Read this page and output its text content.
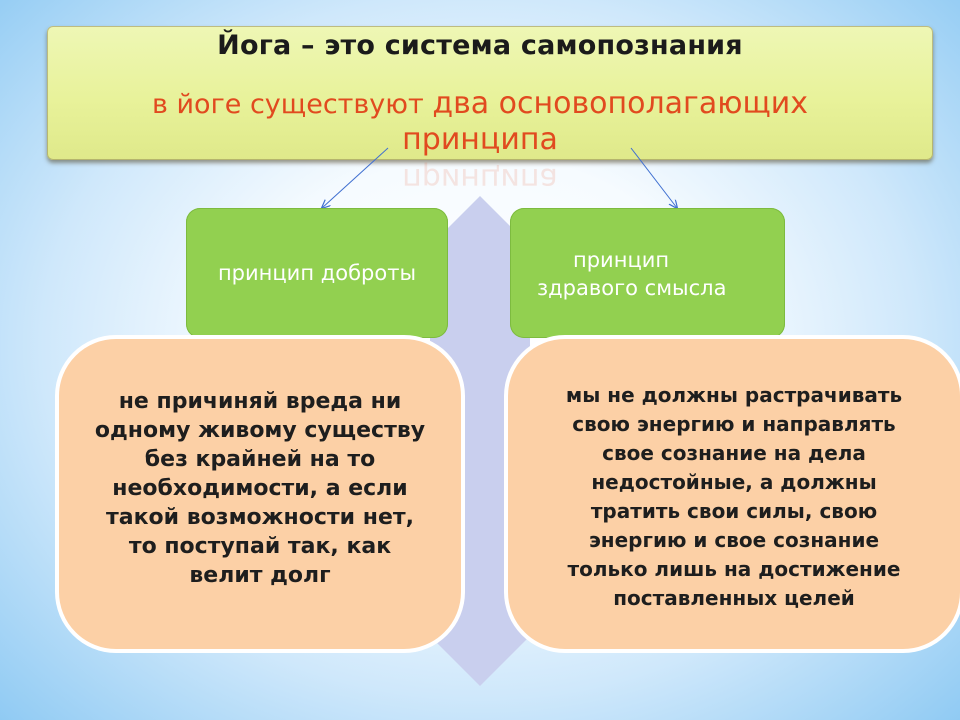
Йога – это система самопознания
в йоге существуют два основополагающих
принципа
принципа
принцип доброты
принцип
здравого смысла
не причиняй вреда ни
одному живому существу
без крайней на то
необходимости, а если
такой возможности нет,
то поступай так, как
велит долг
мы не должны растрачивать
свою энергию и направлять
свое сознание на дела
недостойные, а должны
тратить свои силы, свою
энергию и свое сознание
только лишь на достижение
поставленных целей
